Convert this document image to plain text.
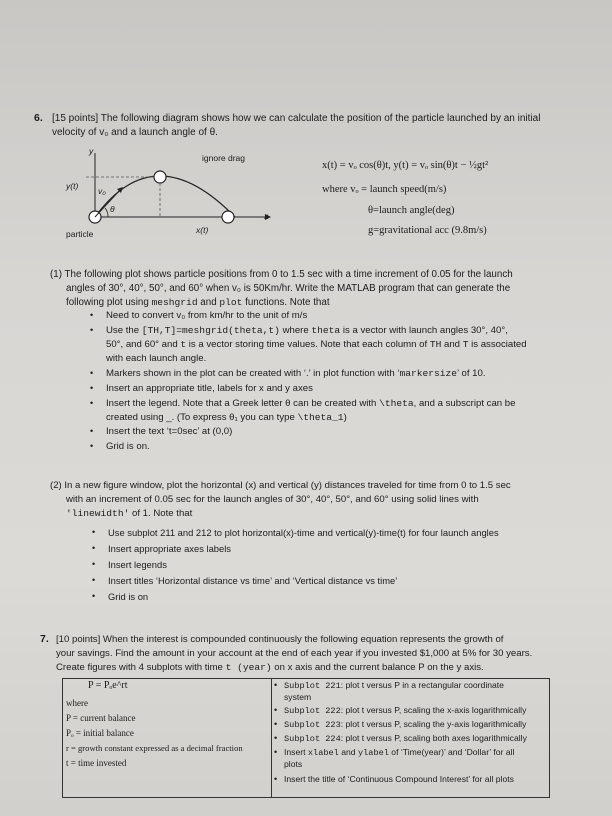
6. [15 points] The following diagram shows how we can calculate the position of the particle launched by an initial
velocity of v₀ and a launch angle of θ.
y
y(t) v₀
θ
x(t)
x
ignore drag
particle
x(t) = vₒ cos(θ)t, y(t) = vₒ sin(θ)t − ½gt²
where vₒ = launch speed(m/s)
θ=launch angle(deg)
g=gravitational acc (9.8m/s)
(1) The following plot shows particle positions from 0 to 1.5 sec with a time increment of 0.05 for the launch
angles of 30°, 40°, 50°, and 60° when v₀ is 50Km/hr. Write the MATLAB program that can generate the
following plot using meshgrid and plot functions. Note that
• Need to convert v₀ from km/hr to the unit of m/s
• Use the [TH,T]=meshgrid(theta,t) where theta is a vector with launch angles 30°, 40°,
50°, and 60° and t is a vector storing time values. Note that each column of TH and T is associated
with each launch angle.
• Markers shown in the plot can be created with ‘.’ in plot function with ‘markersize’ of 10.
• Insert an appropriate title, labels for x and y axes
• Insert the legend. Note that a Greek letter θ can be created with \theta, and a subscript can be
created using _. (To express θ₁ you can type \theta_1)
• Insert the text ‘t=0sec’ at (0,0)
• Grid is on.
(2) In a new figure window, plot the horizontal (x) and vertical (y) distances traveled for time from 0 to 1.5 sec
with an increment of 0.05 sec for the launch angles of 30°, 40°, 50°, and 60° using solid lines with
'linewidth' of 1. Note that
• Use subplot 211 and 212 to plot horizontal(x)-time and vertical(y)-time(t) for four launch angles
• Insert appropriate axes labels
• Insert legends
• Insert titles ‘Horizontal distance vs time’ and ‘Vertical distance vs time’
• Grid is on
7. [10 points] When the interest is compounded continuously the following equation represents the growth of
your savings. Find the amount in your account at the end of each year if you invested $1,000 at 5% for 30 years.
Create figures with 4 subplots with time t (year) on x axis and the current balance P on the y axis.
P = Pₒe^rt
where
P = current balance
Pₒ = initial balance
r = growth constant expressed as a decimal fraction
t = time invested
• Subplot 221: plot t versus P in a rectangular coordinate
system
• Subplot 222: plot t versus P, scaling the x-axis logarithmically
• Subplot 223: plot t versus P, scaling the y-axis logarithmically
• Subplot 224: plot t versus P, scaling both axes logarithmically
• Insert xlabel and ylabel of ‘Time(year)’ and ‘Dollar’ for all
plots
• Insert the title of ‘Continuous Compound Interest’ for all plots
